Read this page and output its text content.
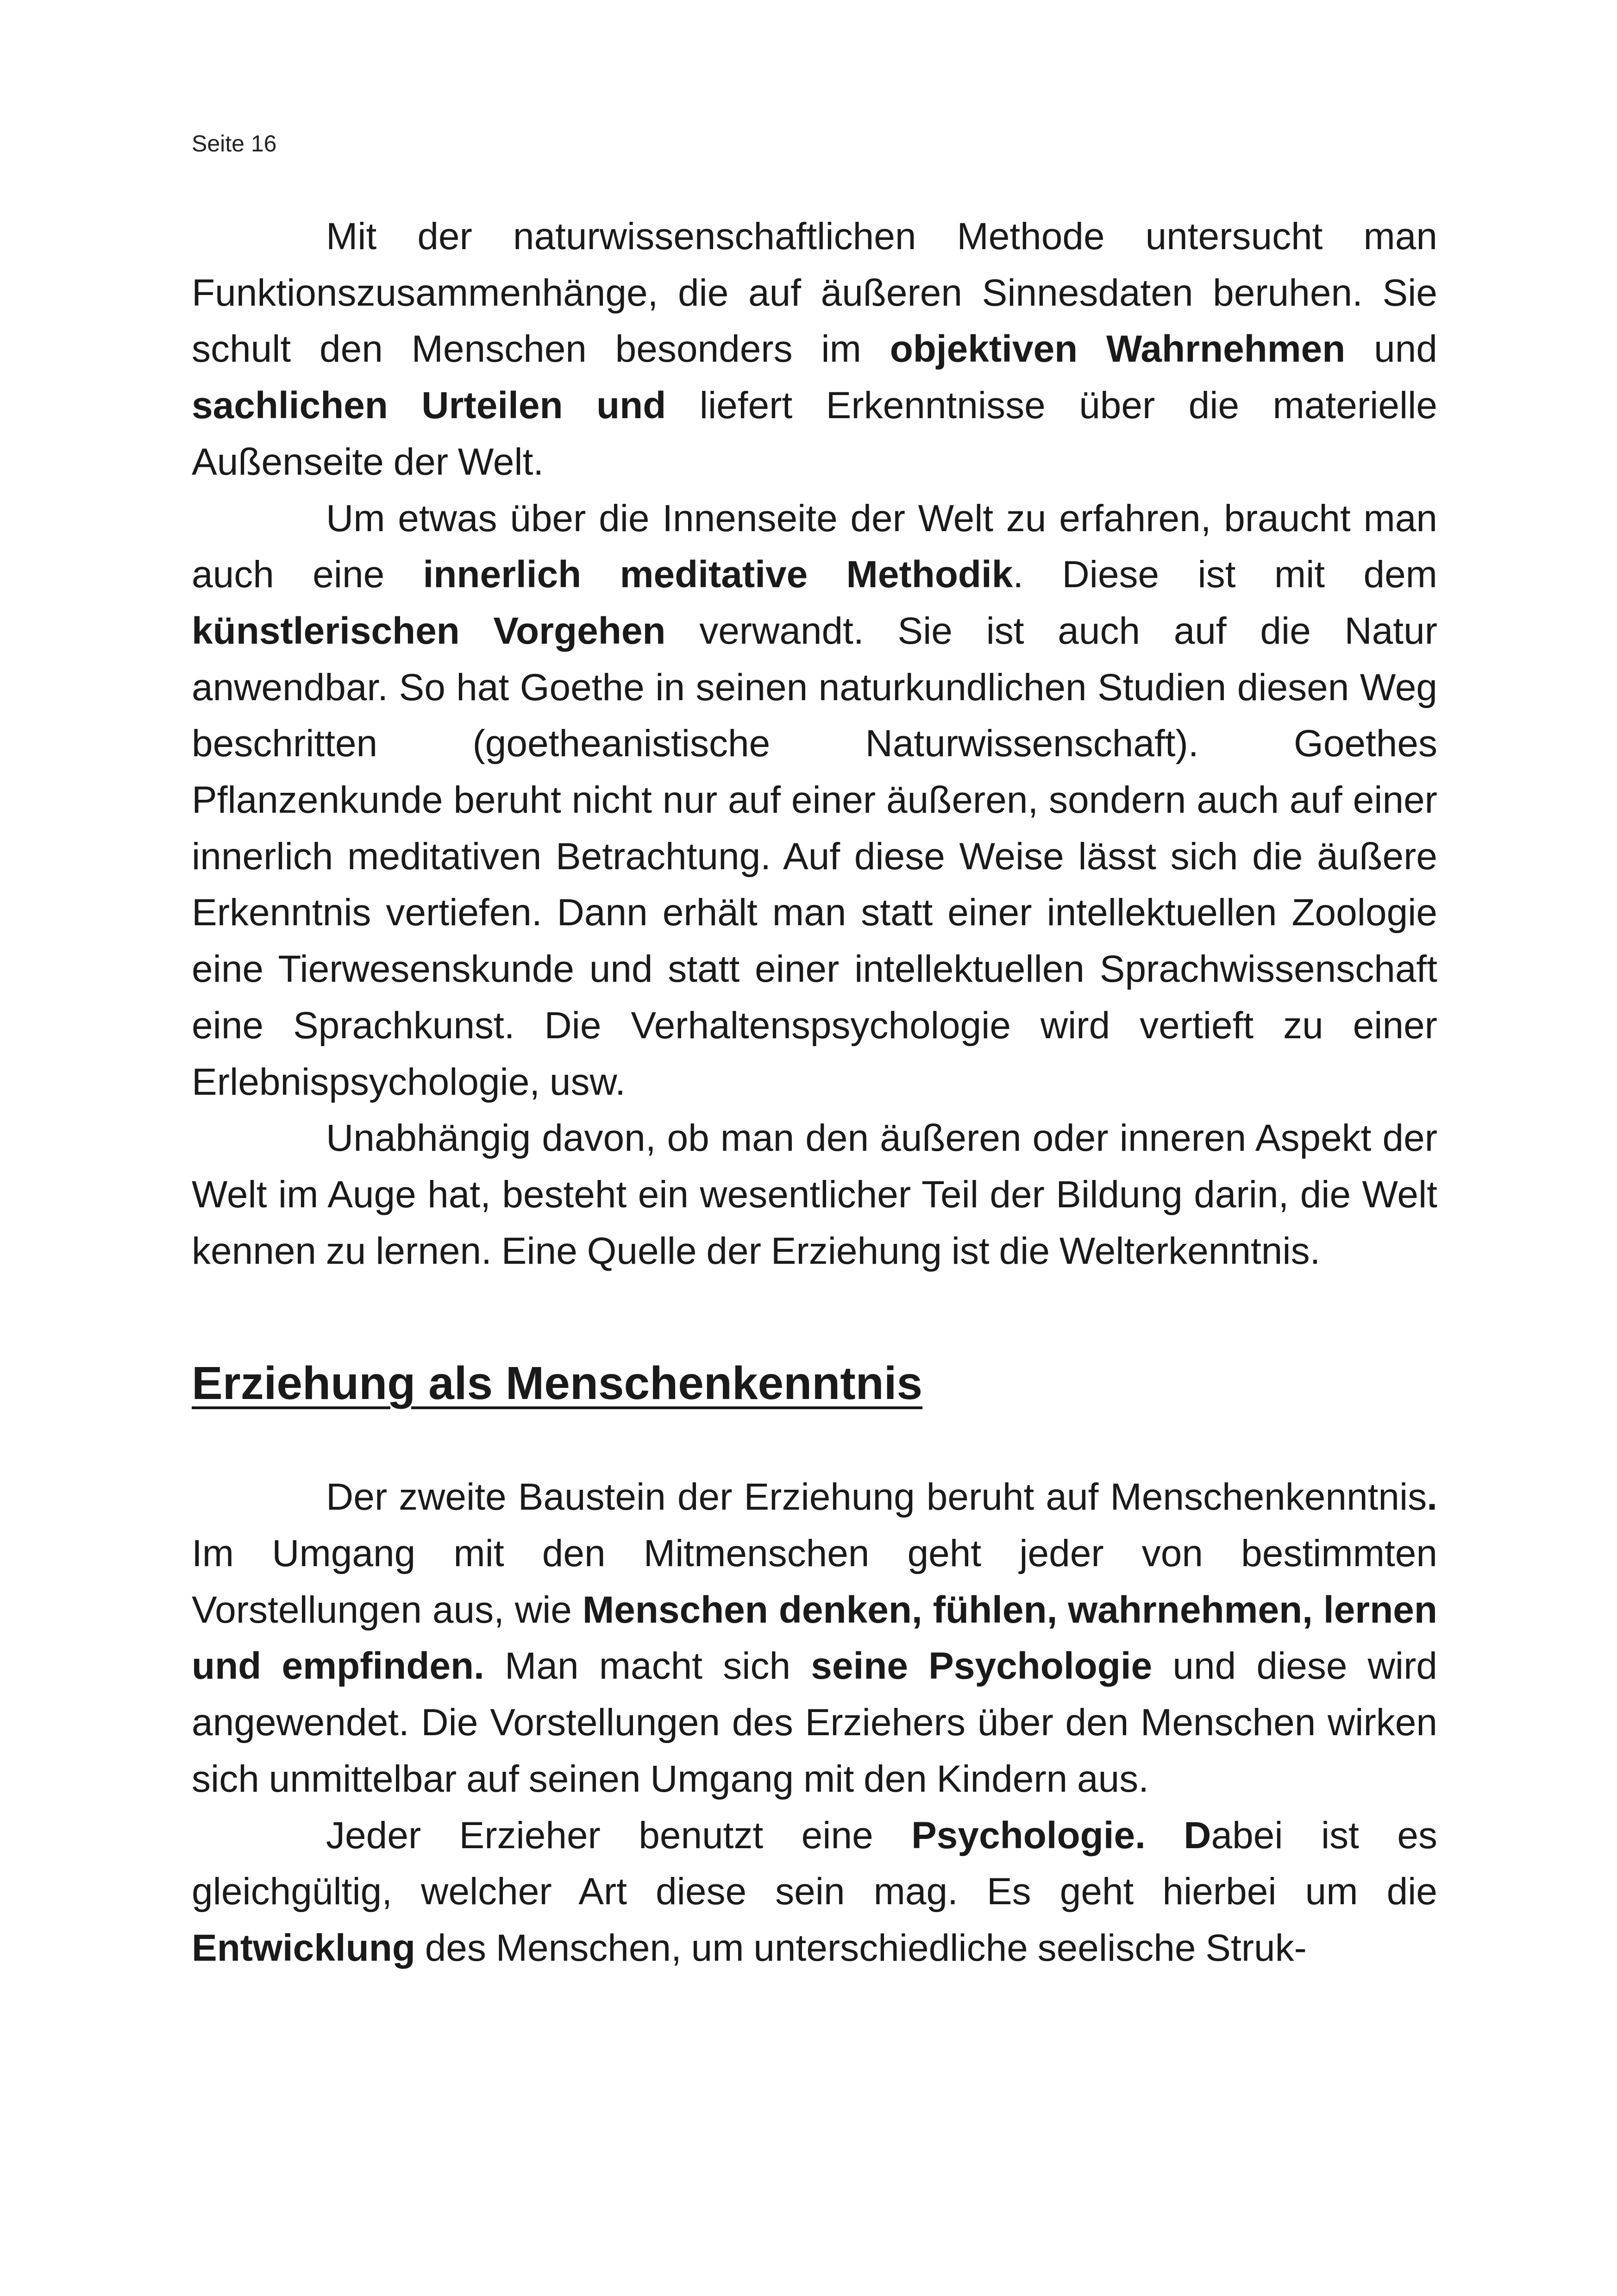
Seite 16

Mit der naturwissenschaftlichen Methode untersucht man Funktionszusammenhänge, die auf äußeren Sinnesdaten beruhen. Sie schult den Menschen besonders im objektiven Wahrnehmen und sachlichen Urteilen und liefert Erkenntnisse über die materielle Außenseite der Welt.

Um etwas über die Innenseite der Welt zu erfahren, braucht man auch eine innerlich meditative Methodik. Diese ist mit dem künstlerischen Vorgehen verwandt. Sie ist auch auf die Natur anwendbar. So hat Goethe in seinen naturkundlichen Studien diesen Weg beschritten (goetheanistische Naturwissenschaft). Goethes Pflanzenkunde beruht nicht nur auf einer äußeren, sondern auch auf einer innerlich meditativen Betrachtung. Auf diese Weise lässt sich die äußere Erkenntnis vertiefen. Dann erhält man statt einer intellektuellen Zoologie eine Tierwesenskunde und statt einer intellektuellen Sprachwissenschaft eine Sprachkunst. Die Verhaltenspsychologie wird vertieft zu einer Erlebnispsychologie, usw.

Unabhängig davon, ob man den äußeren oder inneren Aspekt der Welt im Auge hat, besteht ein wesentlicher Teil der Bildung darin, die Welt kennen zu lernen. Eine Quelle der Erziehung ist die Welterkenntnis.

Erziehung als Menschenkenntnis

Der zweite Baustein der Erziehung beruht auf Menschenkenntnis. Im Umgang mit den Mitmenschen geht jeder von bestimmten Vorstellungen aus, wie Menschen denken, fühlen, wahrnehmen, lernen und empfinden. Man macht sich seine Psychologie und diese wird angewendet. Die Vorstellungen des Erziehers über den Menschen wirken sich unmittelbar auf seinen Umgang mit den Kindern aus.

Jeder Erzieher benutzt eine Psychologie. Dabei ist es gleichgültig, welcher Art diese sein mag. Es geht hierbei um die Entwicklung des Menschen, um unterschiedliche seelische Struk-
